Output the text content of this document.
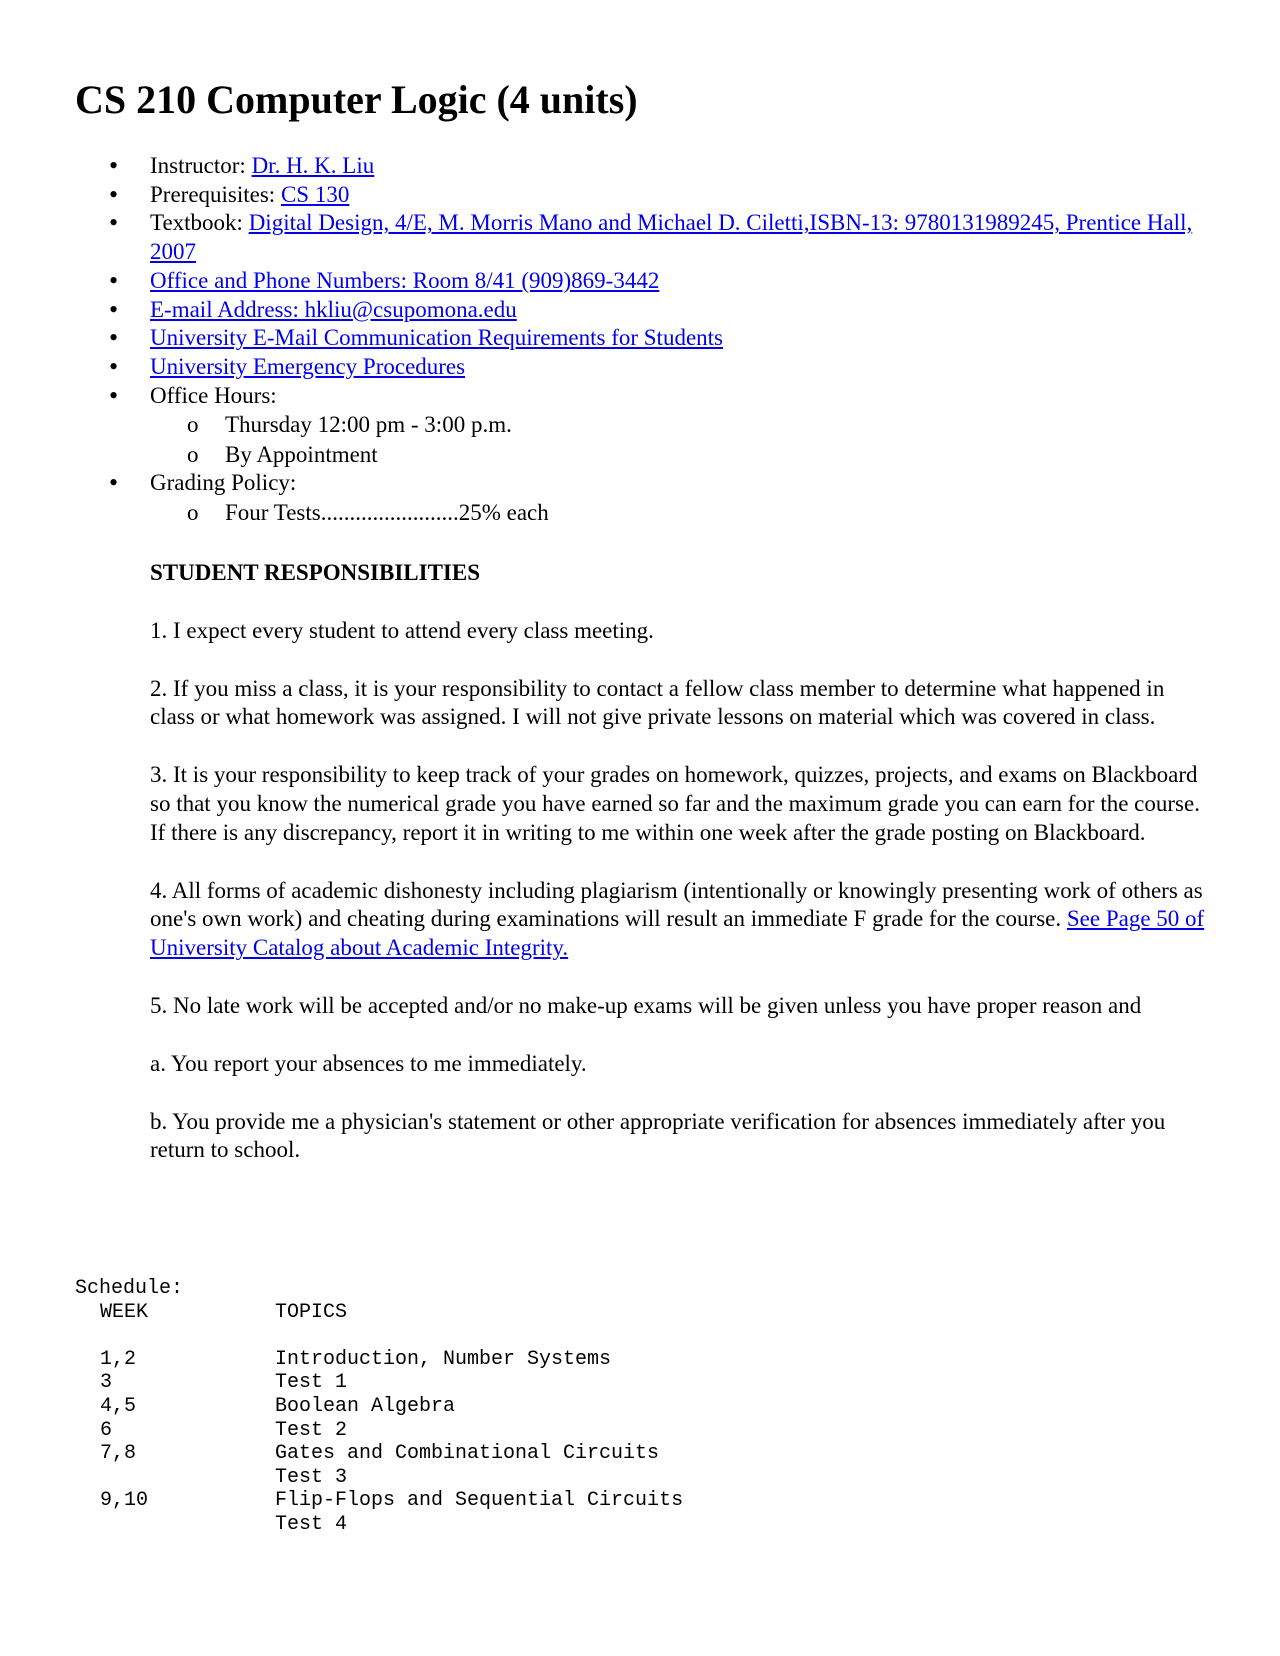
CS 210 Computer Logic (4 units)
• Instructor: Dr. H. K. Liu
• Prerequisites: CS 130
• Textbook: Digital Design, 4/E, M. Morris Mano and Michael D. Ciletti,ISBN-13: 9780131989245, Prentice Hall, 2007
• Office and Phone Numbers: Room 8/41 (909)869-3442
• E-mail Address: hkliu@csupomona.edu
• University E-Mail Communication Requirements for Students
• University Emergency Procedures
• Office Hours:
o Thursday 12:00 pm - 3:00 p.m.
o By Appointment
• Grading Policy:
o Four Tests........................25% each

STUDENT RESPONSIBILITIES

1. I expect every student to attend every class meeting.

2. If you miss a class, it is your responsibility to contact a fellow class member to determine what happened in class or what homework was assigned. I will not give private lessons on material which was covered in class.

3. It is your responsibility to keep track of your grades on homework, quizzes, projects, and exams on Blackboard so that you know the numerical grade you have earned so far and the maximum grade you can earn for the course. If there is any discrepancy, report it in writing to me within one week after the grade posting on Blackboard.

4. All forms of academic dishonesty including plagiarism (intentionally or knowingly presenting work of others as one's own work) and cheating during examinations will result an immediate F grade for the course. See Page 50 of University Catalog about Academic Integrity.

5. No late work will be accepted and/or no make-up exams will be given unless you have proper reason and

a. You report your absences to me immediately.

b. You provide me a physician's statement or other appropriate verification for absences immediately after you return to school.

Schedule:
WEEK	TOPICS

1,2	Introduction, Number Systems
3	Test 1
4,5	Boolean Algebra
6	Test 2
7,8	Gates and Combinational Circuits
	Test 3
9,10	Flip-Flops and Sequential Circuits
	Test 4
